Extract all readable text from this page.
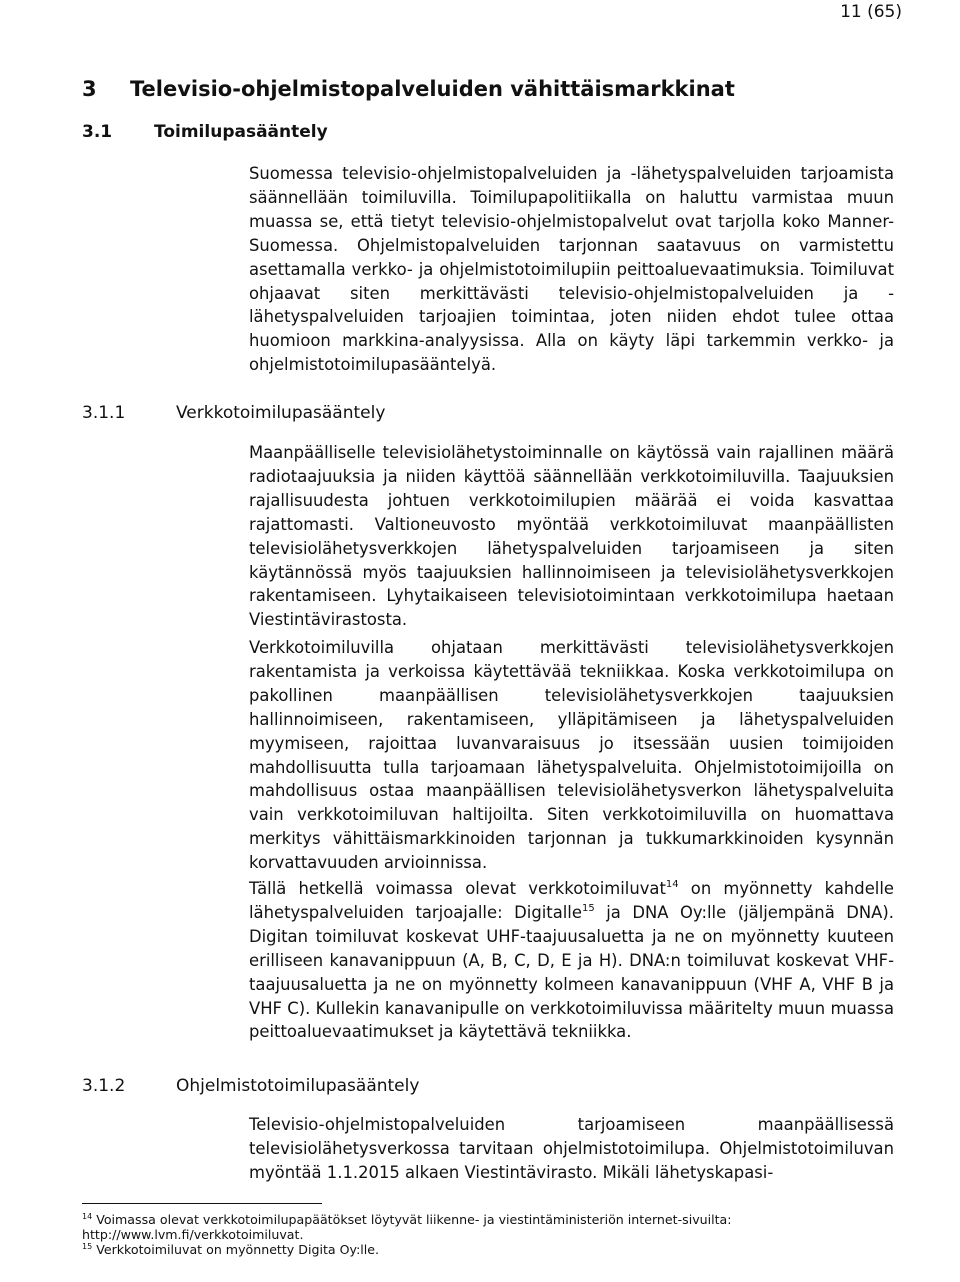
11 (65)
3 Televisio-ohjelmistopalveluiden vähittäismarkkinat
3.1 Toimilupasääntely

Suomessa televisio-ohjelmistopalveluiden ja -lähetyspalveluiden tarjoamista säännellään toimiluvilla. Toimilupapolitiikalla on haluttu varmistaa muun muassa se, että tietyt televisio-ohjelmistopalvelut ovat tarjolla koko Manner-Suomessa. Ohjelmistopalveluiden tarjonnan saatavuus on varmistettu asettamalla verkko- ja ohjelmistotoimilupiin peittoaluevaatimuksia. Toimiluvat ohjaavat siten merkittävästi televisio-ohjelmistopalveluiden ja -lähetyspalveluiden tarjoajien toimintaa, joten niiden ehdot tulee ottaa huomioon markkina-analyysissa. Alla on käyty läpi tarkemmin verkko- ja ohjelmistotoimilupasääntelyä.

3.1.1	Verkkotoimilupasääntely

Maanpäälliselle televisiolähetystoiminnalle on käytössä vain rajallinen määrä radiotaajuuksia ja niiden käyttöä säännellään verkkotoimiluvilla. Taajuuksien rajallisuudesta johtuen verkkotoimilupien määrää ei voida kasvattaa rajattomasti. Valtioneuvosto myöntää verkkotoimiluvat maanpäällisten televisiolähetysverkkojen lähetyspalveluiden tarjoamiseen ja siten käytännössä myös taajuuksien hallinnoimiseen ja televisiolähetysverkkojen rakentamiseen. Lyhytaikaiseen televisiotoimintaan verkkotoimilupa haetaan Viestintävirastosta.

Verkkotoimiluvilla ohjataan merkittävästi televisiolähetysverkkojen rakentamista ja verkoissa käytettävää tekniikkaa. Koska verkkotoimilupa on pakollinen maanpäällisen televisiolähetysverkkojen taajuuksien hallinnoimiseen, rakentamiseen, ylläpitämiseen ja lähetyspalveluiden myymiseen, rajoittaa luvanvaraisuus jo itsessään uusien toimijoiden mahdollisuutta tulla tarjoamaan lähetyspalveluita. Ohjelmistotoimijoilla on mahdollisuus ostaa maanpäällisen televisiolähetysverkon lähetyspalveluita vain verkkotoimiluvan haltijoilta. Siten verkkotoimiluvilla on huomattava merkitys vähittäismarkkinoiden tarjonnan ja tukkumarkkinoiden kysynnän korvattavuuden arvioinnissa.

Tällä hetkellä voimassa olevat verkkotoimiluvat$^{14}$ on myönnetty kahdelle lähetyspalveluiden tarjoajalle: Digitalle$^{15}$ ja DNA Oy:lle (jäljempänä DNA). Digitan toimiluvat koskevat UHF-taajuusaluetta ja ne on myönnetty kuuteen erilliseen kanavanippuun (A, B, C, D, E ja H). DNA:n toimiluvat koskevat VHF-taajuusaluetta ja ne on myönnetty kolmeen kanavanippuun (VHF A, VHF B ja VHF C). Kullekin kanavanipulle on verkkotoimiluvissa määritelty muun muassa peittoaluevaatimukset ja käytettävä tekniikka.

3.1.2	Ohjelmistotoimilupasääntely

Televisio-ohjelmistopalveluiden tarjoamiseen maanpäällisessä televisiolähetysverkossa tarvitaan ohjelmistotoimilupa. Ohjelmistotoimiluvan myöntää 1.1.2015 alkaen Viestintävirasto. Mikäli lähetyskapasi-

$^{14}$ Voimassa olevat verkkotoimilupapäätökset löytyvät liikenne- ja viestintäministeriön internet-sivuilta: http://www.lvm.fi/verkkotoimiluvat.

$^{15}$ Verkkotoimiluvat on myönnetty Digita Oy:lle.
